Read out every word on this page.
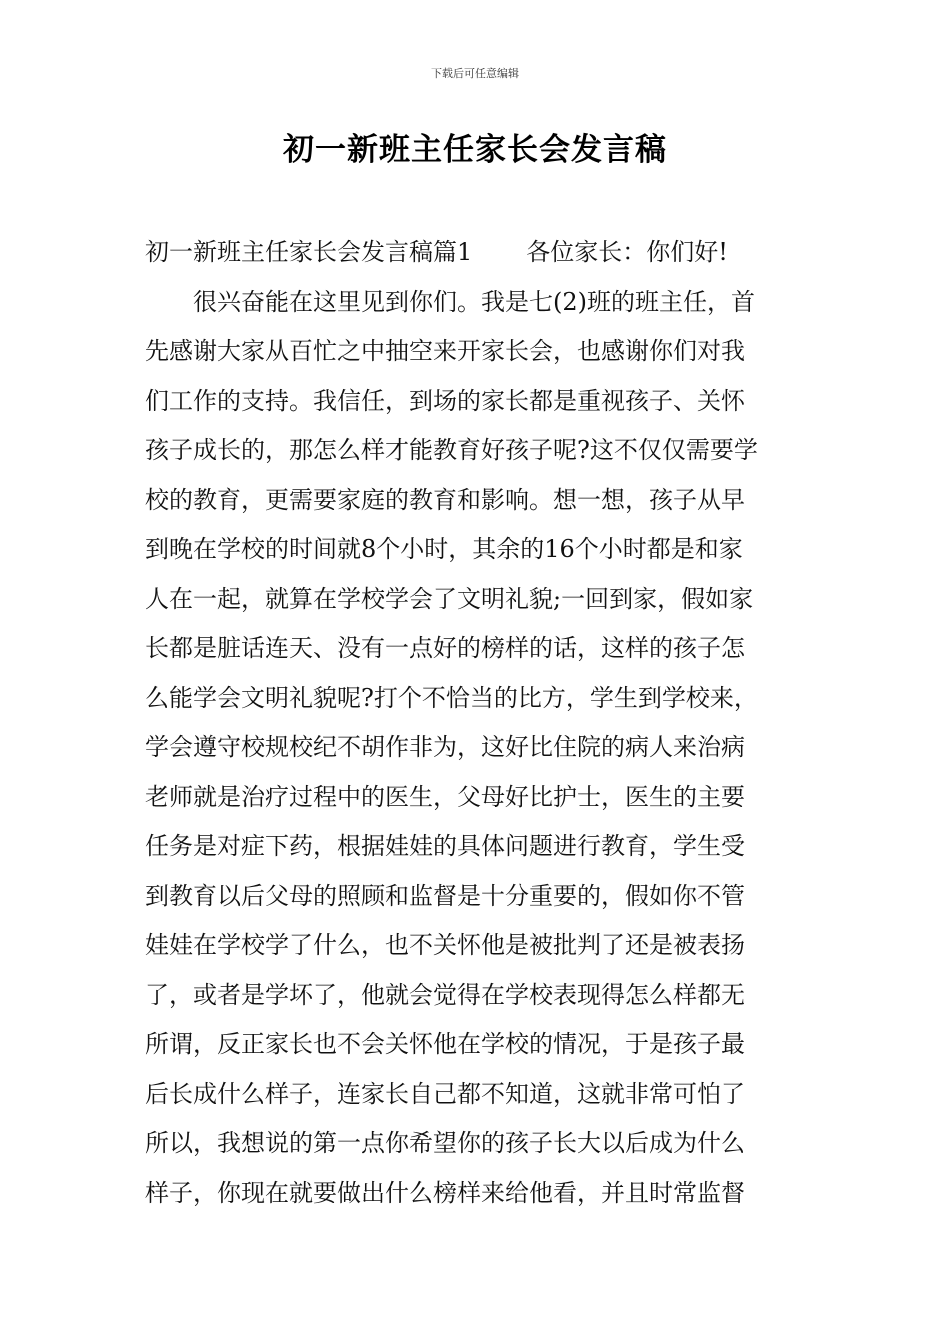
下载后可任意编辑
初一新班主任家长会发言稿
初一新班主任家长会发言稿篇1 各位家长：你们好!
很兴奋能在这里见到你们。我是七(2)班的班主任，首
先感谢大家从百忙之中抽空来开家长会，也感谢你们对我
们工作的支持。我信任，到场的家长都是重视孩子、关怀
孩子成长的，那怎么样才能教育好孩子呢?这不仅仅需要学
校的教育，更需要家庭的教育和影响。想一想，孩子从早
到晚在学校的时间就8个小时，其余的16个小时都是和家
人在一起，就算在学校学会了文明礼貌;一回到家，假如家
长都是脏话连天、没有一点好的榜样的话，这样的孩子怎
么能学会文明礼貌呢?打个不恰当的比方，学生到学校来，
学会遵守校规校纪不胡作非为，这好比住院的病人来治病
老师就是治疗过程中的医生，父母好比护士，医生的主要
任务是对症下药，根据娃娃的具体问题进行教育，学生受
到教育以后父母的照顾和监督是十分重要的，假如你不管
娃娃在学校学了什么，也不关怀他是被批判了还是被表扬
了，或者是学坏了，他就会觉得在学校表现得怎么样都无
所谓，反正家长也不会关怀他在学校的情况，于是孩子最
后长成什么样子，连家长自己都不知道，这就非常可怕了
所以，我想说的第一点你希望你的孩子长大以后成为什么
样子，你现在就要做出什么榜样来给他看，并且时常监督
